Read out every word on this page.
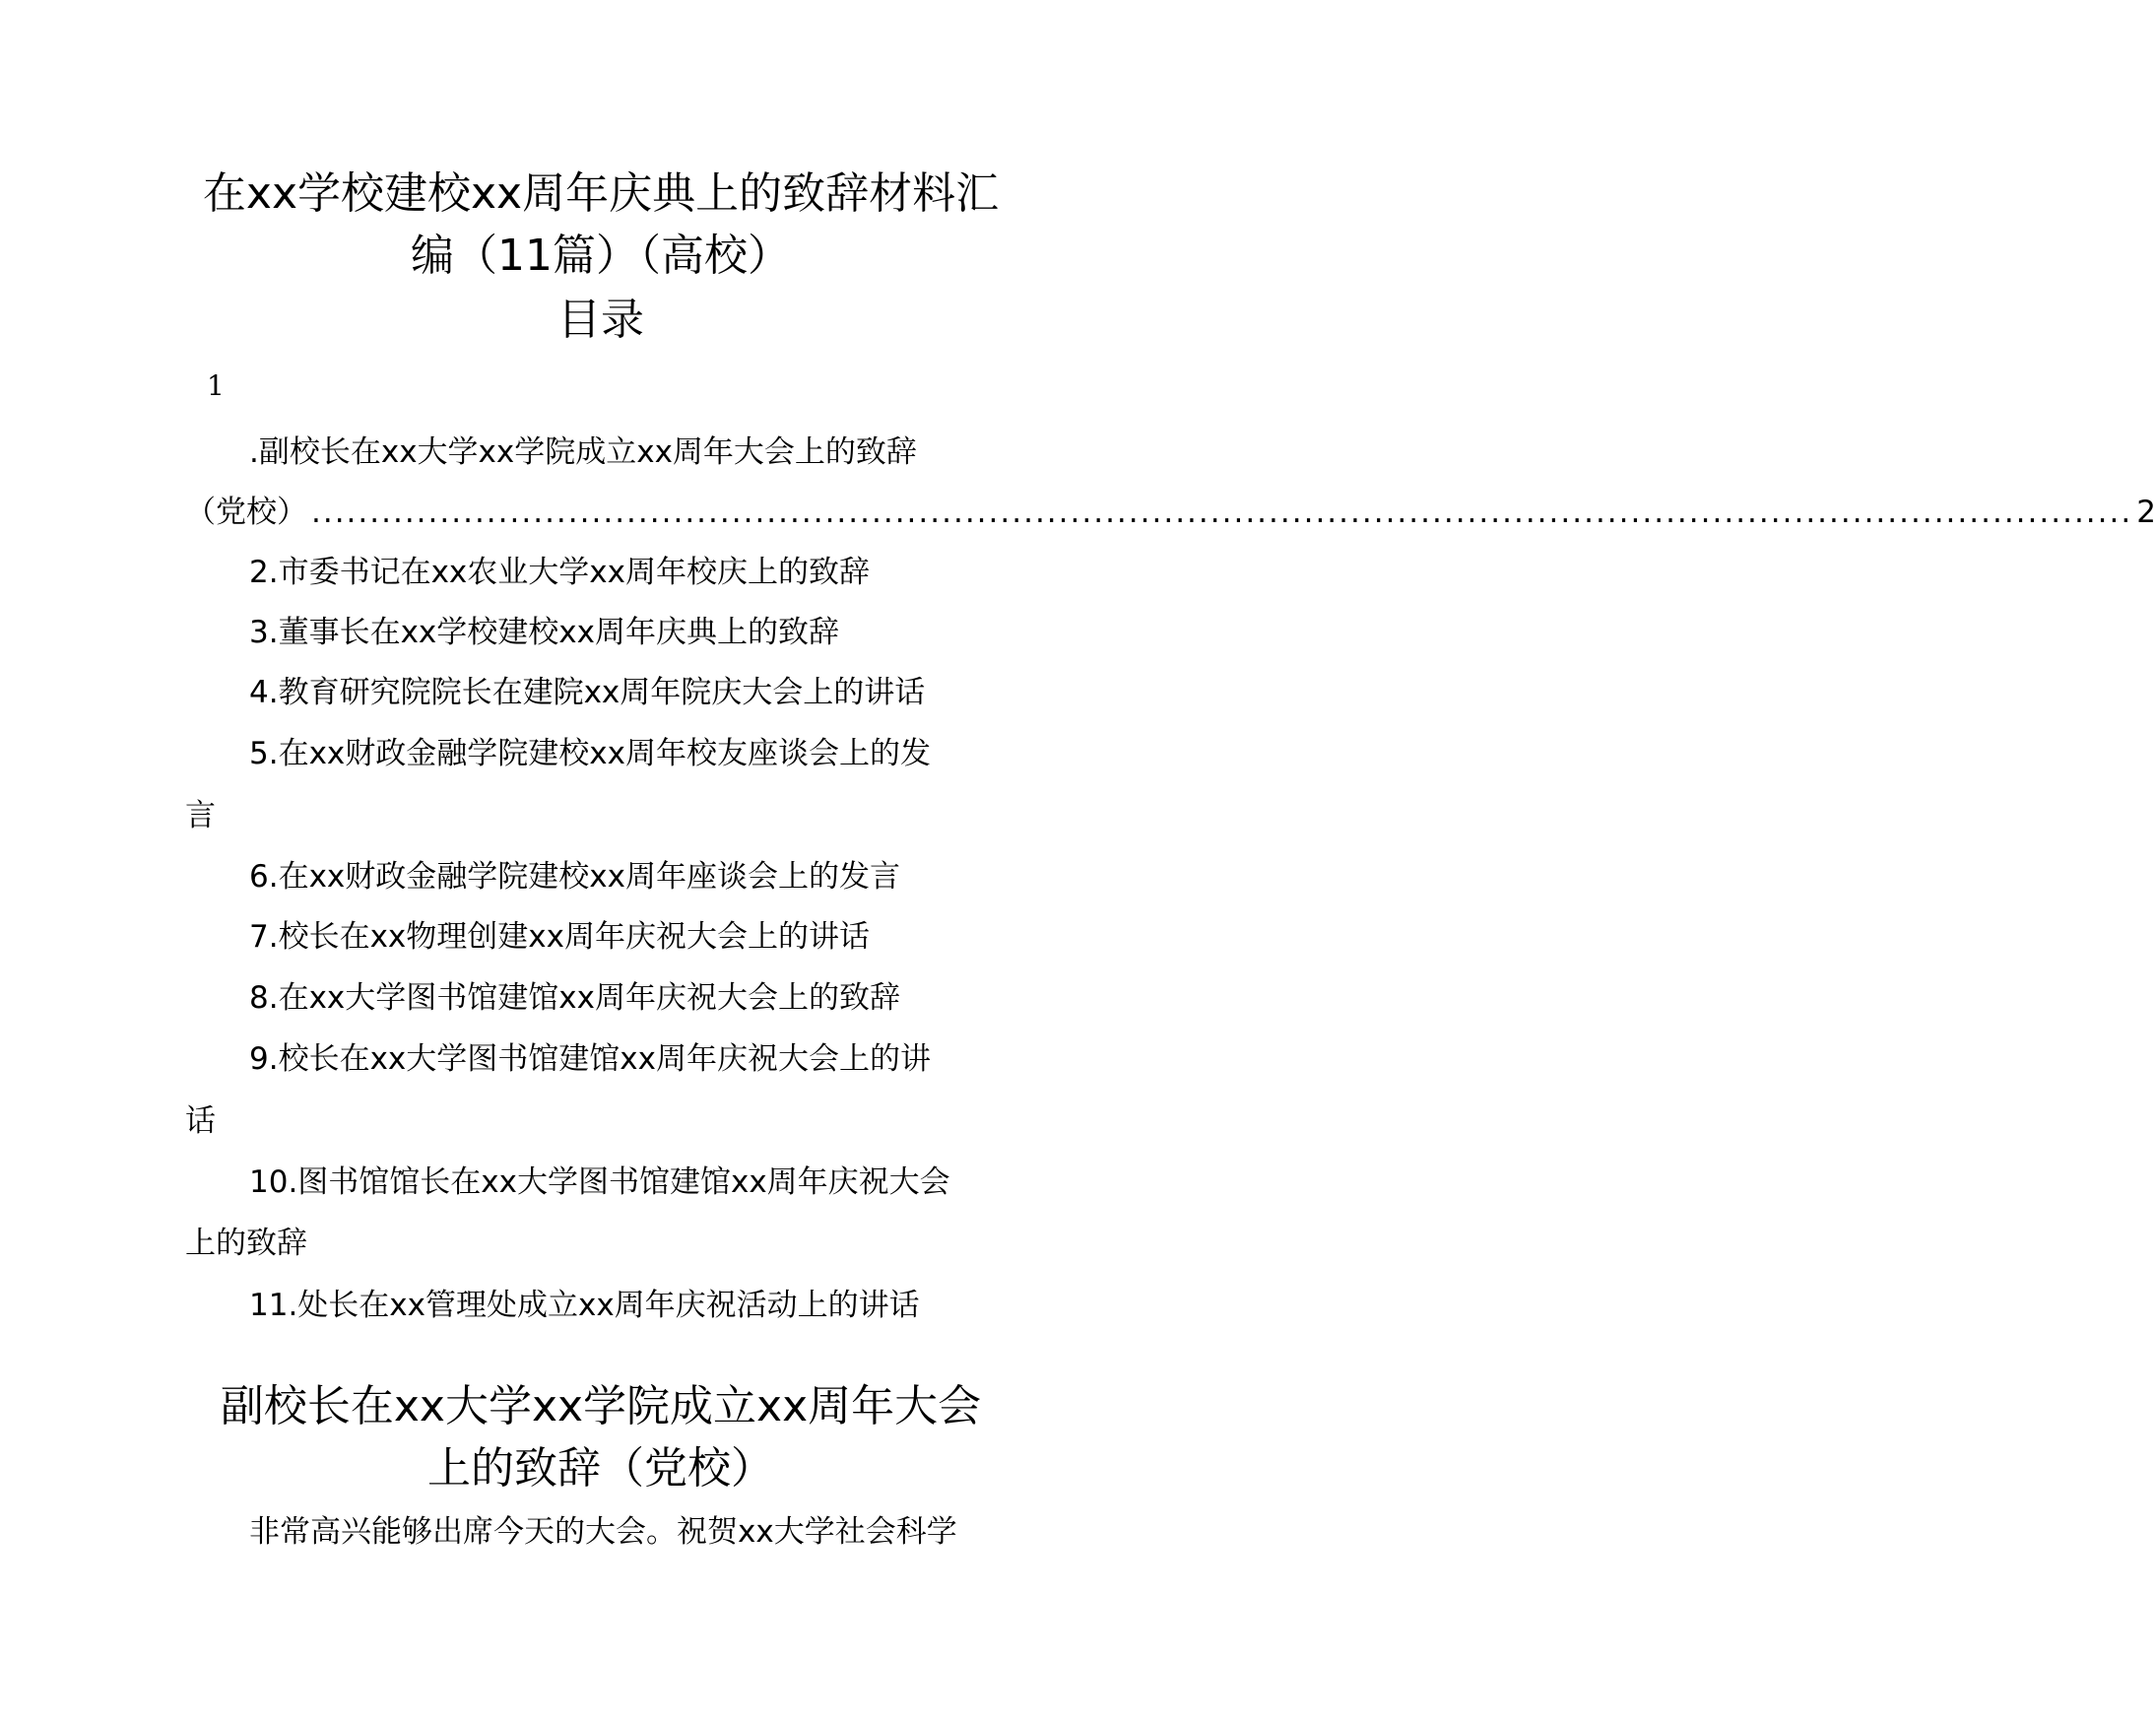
在xx学校建校xx周年庆典上的致辞材料汇
编（11篇）（高校）
目录
1
.副校长在xx大学xx学院成立xx周年大会上的致辞
（党校） ............................................................................................................................................................ 2
2.市委书记在xx农业大学xx周年校庆上的致辞
3.董事长在xx学校建校xx周年庆典上的致辞
4.教育研究院院长在建院xx周年院庆大会上的讲话
5.在xx财政金融学院建校xx周年校友座谈会上的发
言
6.在xx财政金融学院建校xx周年座谈会上的发言
7.校长在xx物理创建xx周年庆祝大会上的讲话
8.在xx大学图书馆建馆xx周年庆祝大会上的致辞
9.校长在xx大学图书馆建馆xx周年庆祝大会上的讲
话
10.图书馆馆长在xx大学图书馆建馆xx周年庆祝大会
上的致辞
11.处长在xx管理处成立xx周年庆祝活动上的讲话
副校长在xx大学xx学院成立xx周年大会
上的致辞（党校）

非常高兴能够出席今天的大会。祝贺xx大学社会科学
